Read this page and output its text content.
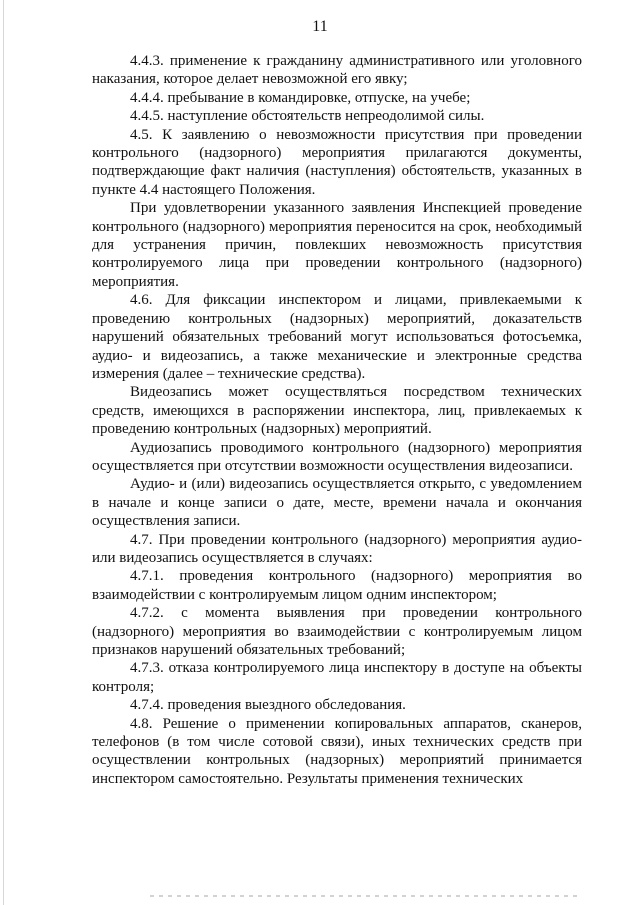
11

4.4.3. применение к гражданину административного или уголовного наказания, которое делает невозможной его явку;

4.4.4. пребывание в командировке, отпуске, на учебе;

4.4.5. наступление обстоятельств непреодолимой силы.

4.5. К заявлению о невозможности присутствия при проведении контрольного (надзорного) мероприятия прилагаются документы, подтверждающие факт наличия (наступления) обстоятельств, указанных в пункте 4.4 настоящего Положения.

При удовлетворении указанного заявления Инспекцией проведение контрольного (надзорного) мероприятия переносится на срок, необходимый для устранения причин, повлекших невозможность присутствия контролируемого лица при проведении контрольного (надзорного) мероприятия.

4.6. Для фиксации инспектором и лицами, привлекаемыми к проведению контрольных (надзорных) мероприятий, доказательств нарушений обязательных требований могут использоваться фотосъемка, аудио- и видеозапись, а также механические и электронные средства измерения (далее – технические средства).

Видеозапись может осуществляться посредством технических средств, имеющихся в распоряжении инспектора, лиц, привлекаемых к проведению контрольных (надзорных) мероприятий.

Аудиозапись проводимого контрольного (надзорного) мероприятия осуществляется при отсутствии возможности осуществления видеозаписи.

Аудио- и (или) видеозапись осуществляется открыто, с уведомлением в начале и конце записи о дате, месте, времени начала и окончания осуществления записи.

4.7. При проведении контрольного (надзорного) мероприятия аудио- или видеозапись осуществляется в случаях:

4.7.1. проведения контрольного (надзорного) мероприятия во взаимодействии с контролируемым лицом одним инспектором;

4.7.2. с момента выявления при проведении контрольного (надзорного) мероприятия во взаимодействии с контролируемым лицом признаков нарушений обязательных требований;

4.7.3. отказа контролируемого лица инспектору в доступе на объекты контроля;

4.7.4. проведения выездного обследования.

4.8. Решение о применении копировальных аппаратов, сканеров, телефонов (в том числе сотовой связи), иных технических средств при осуществлении контрольных (надзорных) мероприятий принимается инспектором самостоятельно. Результаты применения технических
